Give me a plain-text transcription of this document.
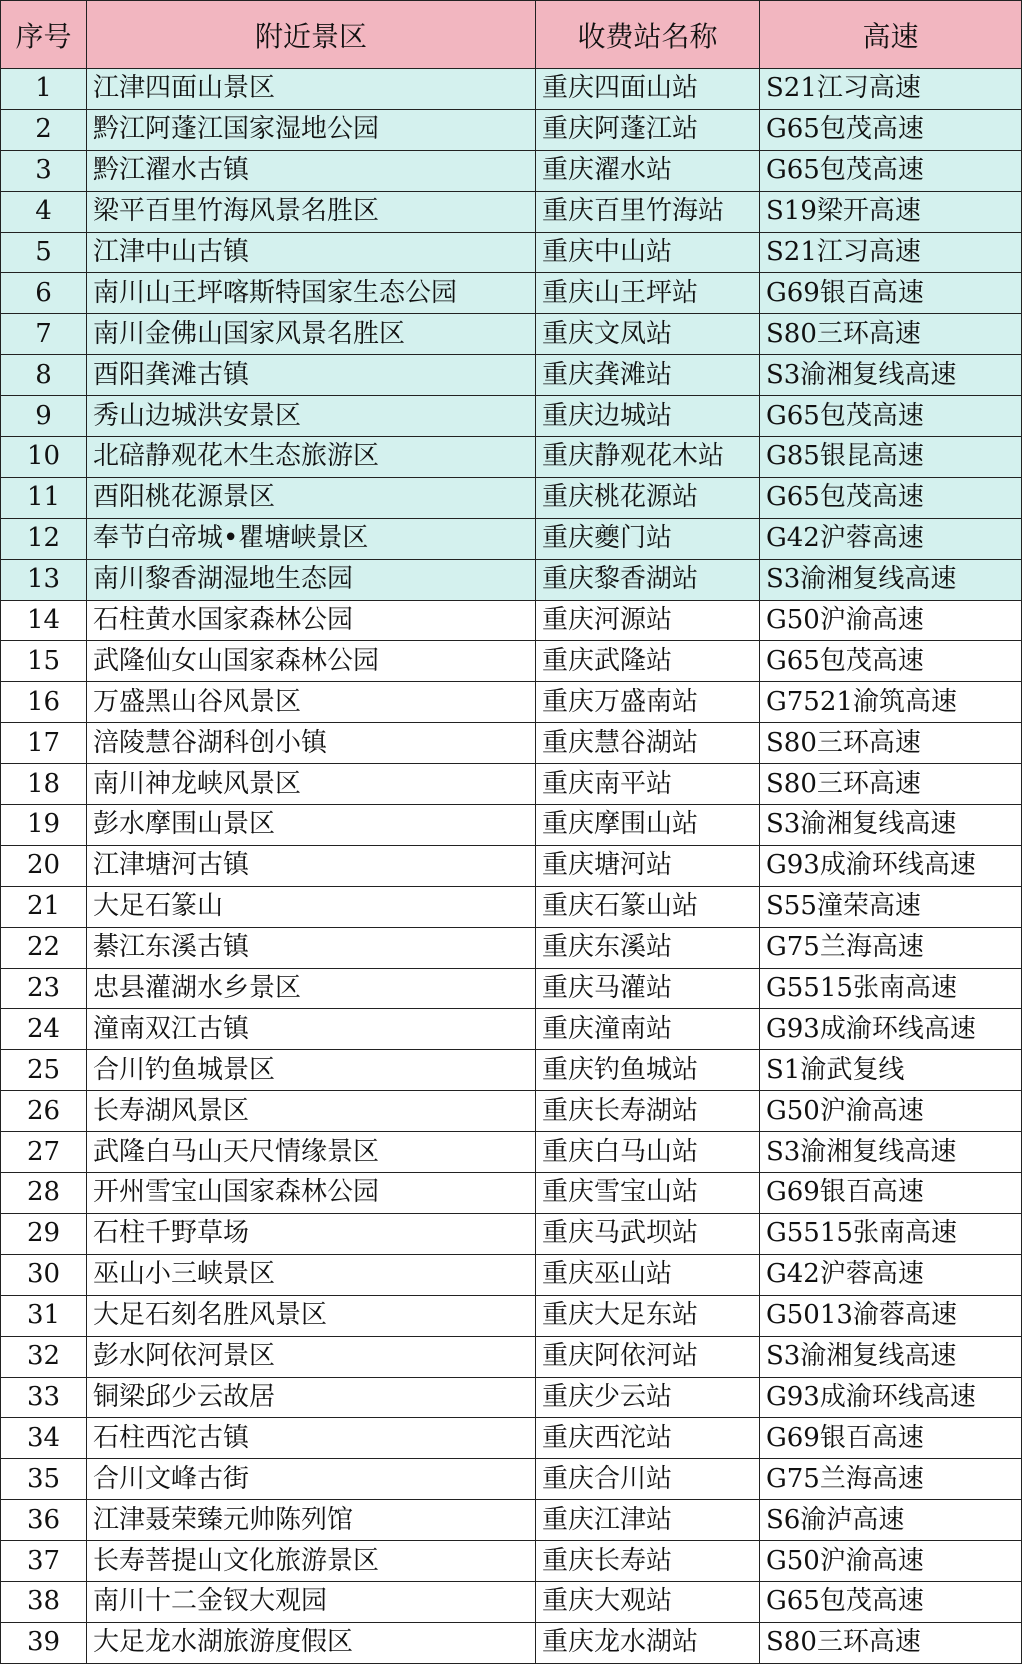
序号	附近景区	收费站名称	高速
1	江津四面山景区	重庆四面山站	S21江习高速
2	黔江阿蓬江国家湿地公园	重庆阿蓬江站	G65包茂高速
3	黔江濯水古镇	重庆濯水站	G65包茂高速
4	梁平百里竹海风景名胜区	重庆百里竹海站	S19梁开高速
5	江津中山古镇	重庆中山站	S21江习高速
6	南川山王坪喀斯特国家生态公园	重庆山王坪站	G69银百高速
7	南川金佛山国家风景名胜区	重庆文凤站	S80三环高速
8	酉阳龚滩古镇	重庆龚滩站	S3渝湘复线高速
9	秀山边城洪安景区	重庆边城站	G65包茂高速
10	北碚静观花木生态旅游区	重庆静观花木站	G85银昆高速
11	酉阳桃花源景区	重庆桃花源站	G65包茂高速
12	奉节白帝城•瞿塘峡景区	重庆夔门站	G42沪蓉高速
13	南川黎香湖湿地生态园	重庆黎香湖站	S3渝湘复线高速
14	石柱黄水国家森林公园	重庆河源站	G50沪渝高速
15	武隆仙女山国家森林公园	重庆武隆站	G65包茂高速
16	万盛黑山谷风景区	重庆万盛南站	G7521渝筑高速
17	涪陵慧谷湖科创小镇	重庆慧谷湖站	S80三环高速
18	南川神龙峡风景区	重庆南平站	S80三环高速
19	彭水摩围山景区	重庆摩围山站	S3渝湘复线高速
20	江津塘河古镇	重庆塘河站	G93成渝环线高速
21	大足石篆山	重庆石篆山站	S55潼荣高速
22	綦江东溪古镇	重庆东溪站	G75兰海高速
23	忠县灌湖水乡景区	重庆马灌站	G5515张南高速
24	潼南双江古镇	重庆潼南站	G93成渝环线高速
25	合川钓鱼城景区	重庆钓鱼城站	S1渝武复线
26	长寿湖风景区	重庆长寿湖站	G50沪渝高速
27	武隆白马山天尺情缘景区	重庆白马山站	S3渝湘复线高速
28	开州雪宝山国家森林公园	重庆雪宝山站	G69银百高速
29	石柱千野草场	重庆马武坝站	G5515张南高速
30	巫山小三峡景区	重庆巫山站	G42沪蓉高速
31	大足石刻名胜风景区	重庆大足东站	G5013渝蓉高速
32	彭水阿依河景区	重庆阿依河站	S3渝湘复线高速
33	铜梁邱少云故居	重庆少云站	G93成渝环线高速
34	石柱西沱古镇	重庆西沱站	G69银百高速
35	合川文峰古街	重庆合川站	G75兰海高速
36	江津聂荣臻元帅陈列馆	重庆江津站	S6渝泸高速
37	长寿菩提山文化旅游景区	重庆长寿站	G50沪渝高速
38	南川十二金钗大观园	重庆大观站	G65包茂高速
39	大足龙水湖旅游度假区	重庆龙水湖站	S80三环高速
